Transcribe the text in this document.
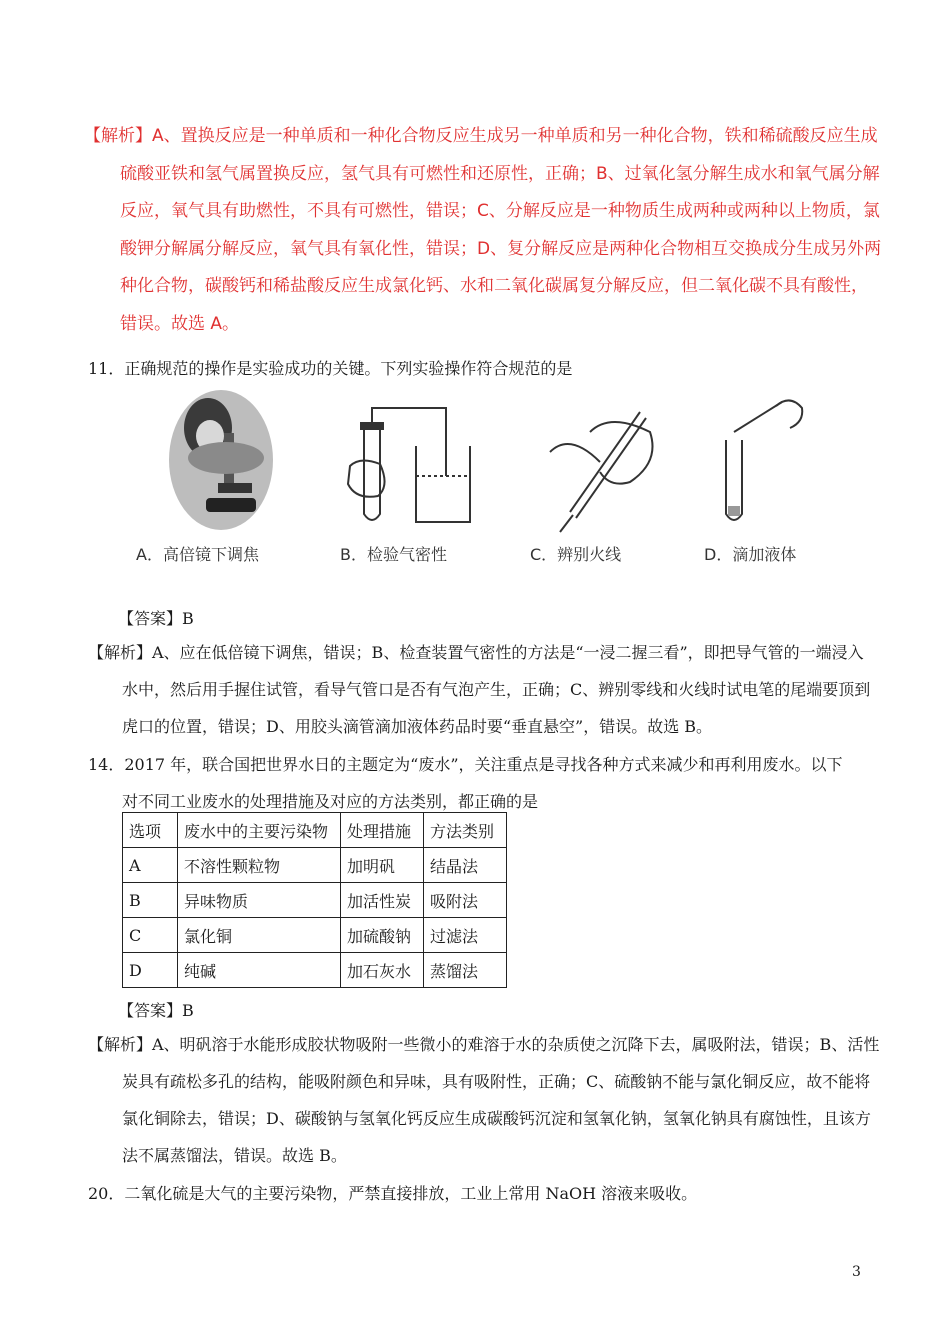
【解析】A、置换反应是一种单质和一种化合物反应生成另一种单质和另一种化合物，铁和稀硫酸反应生成
硫酸亚铁和氢气属置换反应，氢气具有可燃性和还原性，正确；B、过氧化氢分解生成水和氧气属分解
反应，氧气具有助燃性，不具有可燃性，错误；C、分解反应是一种物质生成两种或两种以上物质，氯
酸钾分解属分解反应，氧气具有氧化性，错误；D、复分解反应是两种化合物相互交换成分生成另外两
种化合物，碳酸钙和稀盐酸反应生成氯化钙、水和二氧化碳属复分解反应，但二氧化碳不具有酸性，
错误。故选 A。
11．正确规范的操作是实验成功的关键。下列实验操作符合规范的是
A．高倍镜下调焦	B．检验气密性	C．辨别火线	D．滴加液体
【答案】B
【解析】A、应在低倍镜下调焦，错误；B、检查装置气密性的方法是“一浸二握三看”，即把导气管的一端浸入
水中，然后用手握住试管，看导气管口是否有气泡产生，正确；C、辨别零线和火线时试电笔的尾端要顶到
虎口的位置，错误；D、用胶头滴管滴加液体药品时要“垂直悬空”，错误。故选 B。
14．2017 年，联合国把世界水日的主题定为“废水”，关注重点是寻找各种方式来减少和再利用废水。以下
对不同工业废水的处理措施及对应的方法类别，都正确的是
选项	废水中的主要污染物	处理措施	方法类别
A	不溶性颗粒物	加明矾	结晶法
B	异味物质	加活性炭	吸附法
C	氯化铜	加硫酸钠	过滤法
D	纯碱	加石灰水	蒸馏法
【答案】B
【解析】A、明矾溶于水能形成胶状物吸附一些微小的难溶于水的杂质使之沉降下去，属吸附法，错误；B、活性
炭具有疏松多孔的结构，能吸附颜色和异味，具有吸附性，正确；C、硫酸钠不能与氯化铜反应，故不能将
氯化铜除去，错误；D、碳酸钠与氢氧化钙反应生成碳酸钙沉淀和氢氧化钠，氢氧化钠具有腐蚀性，且该方
法不属蒸馏法，错误。故选 B。
20．二氧化硫是大气的主要污染物，严禁直接排放，工业上常用 NaOH 溶液来吸收。
3
